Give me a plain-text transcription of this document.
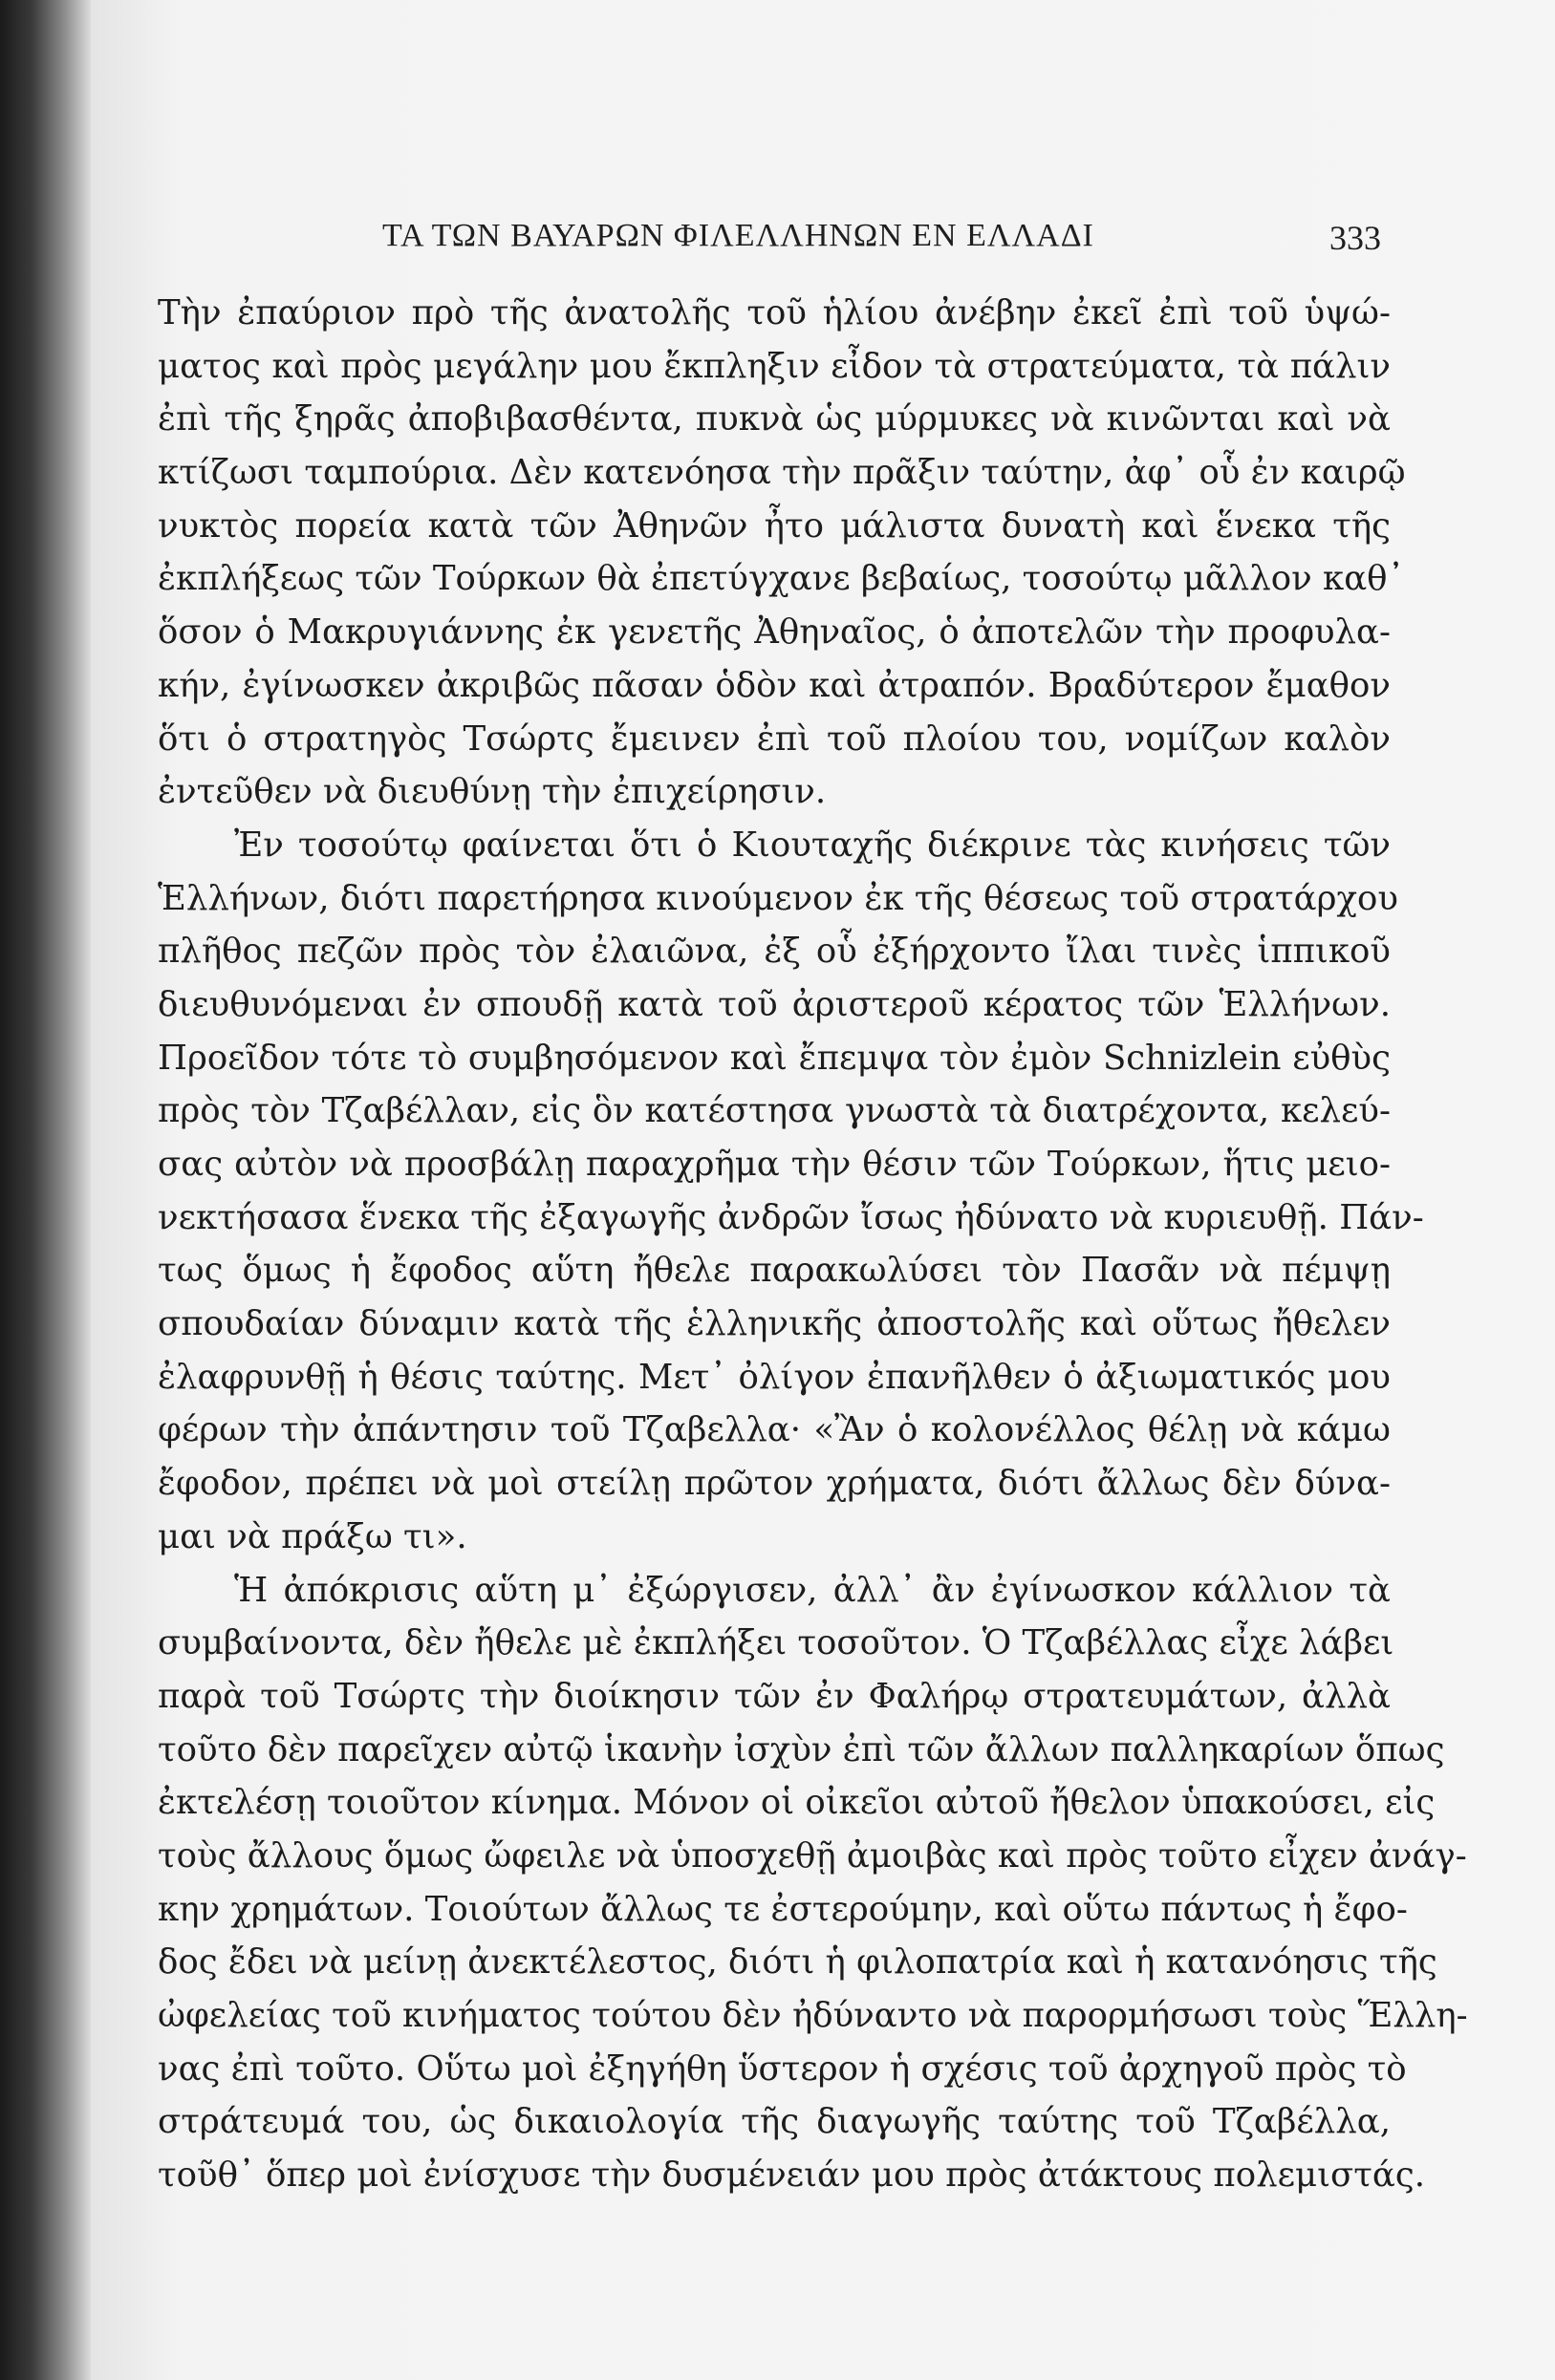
ΤΑ ΤΩΝ ΒΑΥΑΡΩΝ ΦΙΛΕΛΛΗΝΩΝ ΕΝ ΕΛΛΑΔΙ	333
Τὴν ἐπαύριον πρὸ τῆς ἀνατολῆς τοῦ ἡλίου ἀνέβην ἐκεῖ ἐπὶ τοῦ ὑψώ-
ματος καὶ πρὸς μεγάλην μου ἔκπληξιν εἶδον τὰ στρατεύματα, τὰ πάλιν
ἐπὶ τῆς ξηρᾶς ἀποβιβασθέντα, πυκνὰ ὡς μύρμυκες νὰ κινῶνται καὶ νὰ
κτίζωσι ταμπούρια. Δὲν κατενόησα τὴν πρᾶξιν ταύτην, ἀφ᾽ οὗ ἐν καιρῷ
νυκτὸς πορεία κατὰ τῶν Ἀθηνῶν ἦτο μάλιστα δυνατὴ καὶ ἕνεκα τῆς
ἐκπλήξεως τῶν Τούρκων θὰ ἐπετύγχανε βεβαίως, τοσούτῳ μᾶλλον καθ᾽
ὅσον ὁ Μακρυγιάννης ἐκ γενετῆς Ἀθηναῖος, ὁ ἀποτελῶν τὴν προφυλα-
κήν, ἐγίνωσκεν ἀκριβῶς πᾶσαν ὁδὸν καὶ ἀτραπόν. Βραδύτερον ἔμαθον
ὅτι ὁ στρατηγὸς Τσώρτς ἔμεινεν ἐπὶ τοῦ πλοίου του, νομίζων καλὸν
ἐντεῦθεν νὰ διευθύνῃ τὴν ἐπιχείρησιν.
Ἐν τοσούτῳ φαίνεται ὅτι ὁ Κιουταχῆς διέκρινε τὰς κινήσεις τῶν
Ἑλλήνων, διότι παρετήρησα κινούμενον ἐκ τῆς θέσεως τοῦ στρατάρχου
πλῆθος πεζῶν πρὸς τὸν ἐλαιῶνα, ἐξ οὗ ἐξήρχοντο ἴλαι τινὲς ἱππικοῦ
διευθυνόμεναι ἐν σπουδῇ κατὰ τοῦ ἀριστεροῦ κέρατος τῶν Ἑλλήνων.
Προεῖδον τότε τὸ συμβησόμενον καὶ ἔπεμψα τὸν ἐμὸν Schnizlein εὐθὺς
πρὸς τὸν Τζαβέλλαν, εἰς ὃν κατέστησα γνωστὰ τὰ διατρέχοντα, κελεύ-
σας αὐτὸν νὰ προσβάλῃ παραχρῆμα τὴν θέσιν τῶν Τούρκων, ἥτις μειο-
νεκτήσασα ἕνεκα τῆς ἐξαγωγῆς ἀνδρῶν ἴσως ἠδύνατο νὰ κυριευθῇ. Πάν-
τως ὅμως ἡ ἔφοδος αὕτη ἤθελε παρακωλύσει τὸν Πασᾶν νὰ πέμψῃ
σπουδαίαν δύναμιν κατὰ τῆς ἑλληνικῆς ἀποστολῆς καὶ οὕτως ἤθελεν
ἐλαφρυνθῇ ἡ θέσις ταύτης. Μετ᾽ ὀλίγον ἐπανῆλθεν ὁ ἀξιωματικός μου
φέρων τὴν ἀπάντησιν τοῦ Τζαβελλα· «Ἂν ὁ κολονέλλος θέλῃ νὰ κάμω
ἔφοδον, πρέπει νὰ μοὶ στείλῃ πρῶτον χρήματα, διότι ἄλλως δὲν δύνα-
μαι νὰ πράξω τι».
Ἡ ἀπόκρισις αὕτη μ᾽ ἐξώργισεν, ἀλλ᾽ ἂν ἐγίνωσκον κάλλιον τὰ
συμβαίνοντα, δὲν ἤθελε μὲ ἐκπλήξει τοσοῦτον. Ὁ Τζαβέλλας εἶχε λάβει
παρὰ τοῦ Τσώρτς τὴν διοίκησιν τῶν ἐν Φαλήρῳ στρατευμάτων, ἀλλὰ
τοῦτο δὲν παρεῖχεν αὐτῷ ἱκανὴν ἰσχὺν ἐπὶ τῶν ἄλλων παλληκαρίων ὅπως
ἐκτελέσῃ τοιοῦτον κίνημα. Μόνον οἱ οἰκεῖοι αὐτοῦ ἤθελον ὑπακούσει, εἰς
τοὺς ἄλλους ὅμως ὤφειλε νὰ ὑποσχεθῇ ἀμοιβὰς καὶ πρὸς τοῦτο εἶχεν ἀνάγ-
κην χρημάτων. Τοιούτων ἄλλως τε ἐστερούμην, καὶ οὕτω πάντως ἡ ἔφο-
δος ἔδει νὰ μείνῃ ἀνεκτέλεστος, διότι ἡ φιλοπατρία καὶ ἡ κατανόησις τῆς
ὠφελείας τοῦ κινήματος τούτου δὲν ἠδύναντο νὰ παρορμήσωσι τοὺς Ἕλλη-
νας ἐπὶ τοῦτο. Οὕτω μοὶ ἐξηγήθη ὕστερον ἡ σχέσις τοῦ ἀρχηγοῦ πρὸς τὸ
στράτευμά του, ὡς δικαιολογία τῆς διαγωγῆς ταύτης τοῦ Τζαβέλλα,
τοῦθ᾽ ὅπερ μοὶ ἐνίσχυσε τὴν δυσμένειάν μου πρὸς ἀτάκτους πολεμιστάς.
